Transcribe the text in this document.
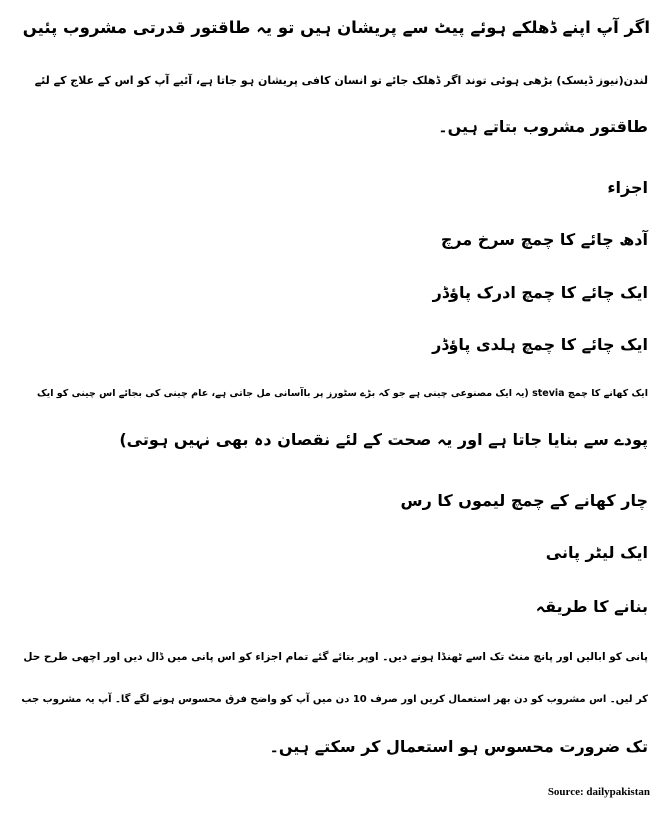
اگر آپ اپنے ڈھلکے ہوئے پیٹ سے پریشان ہیں تو یہ طاقتور قدرتی مشروب پئیں
لندن(نیوز ڈیسک) بڑھی ہوئی توند اگر ڈھلک جائے تو انسان کافی پریشان ہو جاتا ہے، آئیے آپ کو اس کے علاج کے لئے
طاقتور مشروب بتاتے ہیں۔
اجزاء
آدھ چائے کا چمچ سرخ مرچ
ایک چائے کا چمچ ادرک پاؤڈر
ایک چائے کا چمچ ہلدی پاؤڈر
ایک کھانے کا چمچ stevia (یہ ایک مصنوعی چینی ہے جو کہ بڑے سٹورز پر باآسانی مل جاتی ہے، عام چینی کی بجائے اس چینی کو ایک
پودے سے بنایا جاتا ہے اور یہ صحت کے لئے نقصان دہ بھی نہیں ہوتی)
چار کھانے کے چمچ لیموں کا رس
ایک لیٹر پانی
بنانے کا طریقہ
پانی کو ابالیں اور پانچ منٹ تک اسے ٹھنڈا ہونے دیں۔ اوپر بتائے گئے تمام اجزاء کو اس پانی میں ڈال دیں اور اچھی طرح حل
کر لیں۔ اس مشروب کو دن بھر استعمال کریں اور صرف 10 دن میں آپ کو واضح فرق محسوس ہونے لگے گا۔ آپ یہ مشروب جب
تک ضرورت محسوس ہو استعمال کر سکتے ہیں۔
Source: dailypakistan
